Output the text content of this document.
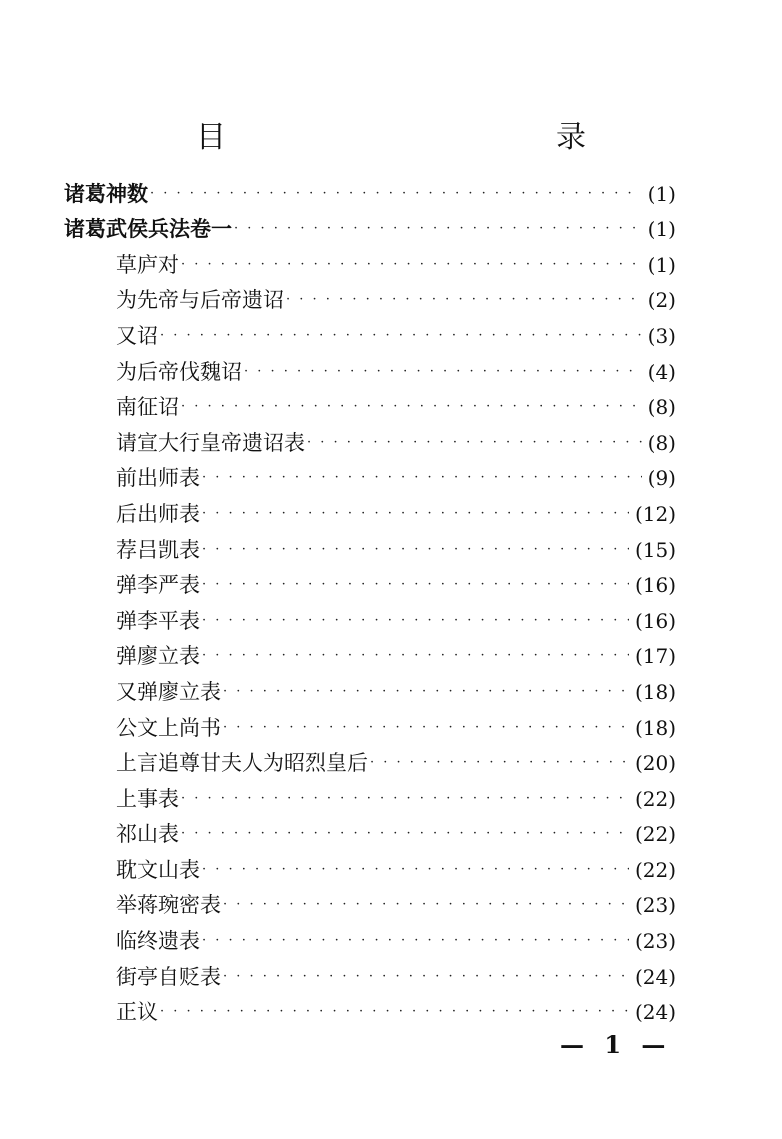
目　　录
诸葛神数 · · ·	(1)
诸葛武侯兵法卷一 · · ·	(1)
草庐对 · · ·	(1)
为先帝与后帝遗诏 · · ·	(2)
又诏 · · ·	(3)
为后帝伐魏诏 · · ·	(4)
南征诏 · · ·	(8)
请宣大行皇帝遗诏表 · · ·	(8)
前出师表 · · ·	(9)
后出师表 · · ·	(12)
荐吕凯表 · · ·	(15)
弹李严表 · · ·	(16)
弹李平表 · · ·	(16)
弹廖立表 · · ·	(17)
又弹廖立表 · · ·	(18)
公文上尚书 · · ·	(18)
上言追尊甘夫人为昭烈皇后 · · ·	(20)
上事表 · · ·	(22)
祁山表 · · ·	(22)
耽文山表 · · ·	(22)
举蒋琬密表 · · ·	(23)
临终遗表 · · ·	(23)
街亭自贬表 · · ·	(24)
正议 · · ·	(24)
— 1 —
